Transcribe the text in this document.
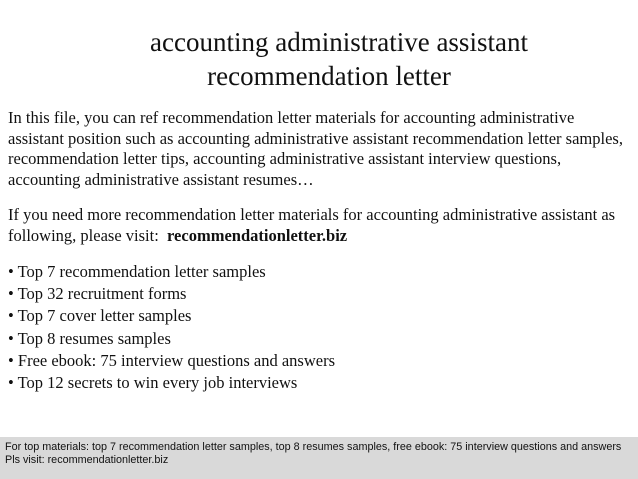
accounting administrative assistant
recommendation letter

In this file, you can ref recommendation letter materials for accounting administrative assistant position such as accounting administrative assistant recommendation letter samples, recommendation letter tips, accounting administrative assistant interview questions, accounting administrative assistant resumes…

If you need more recommendation letter materials for accounting administrative assistant as following, please visit: recommendationletter.biz

• Top 7 recommendation letter samples
• Top 32 recruitment forms
• Top 7 cover letter samples
• Top 8 resumes samples
• Free ebook: 75 interview questions and answers
• Top 12 secrets to win every job interviews
For top materials: top 7 recommendation letter samples, top 8 resumes samples, free ebook: 75 interview questions and answers
Pls visit: recommendationletter.biz
